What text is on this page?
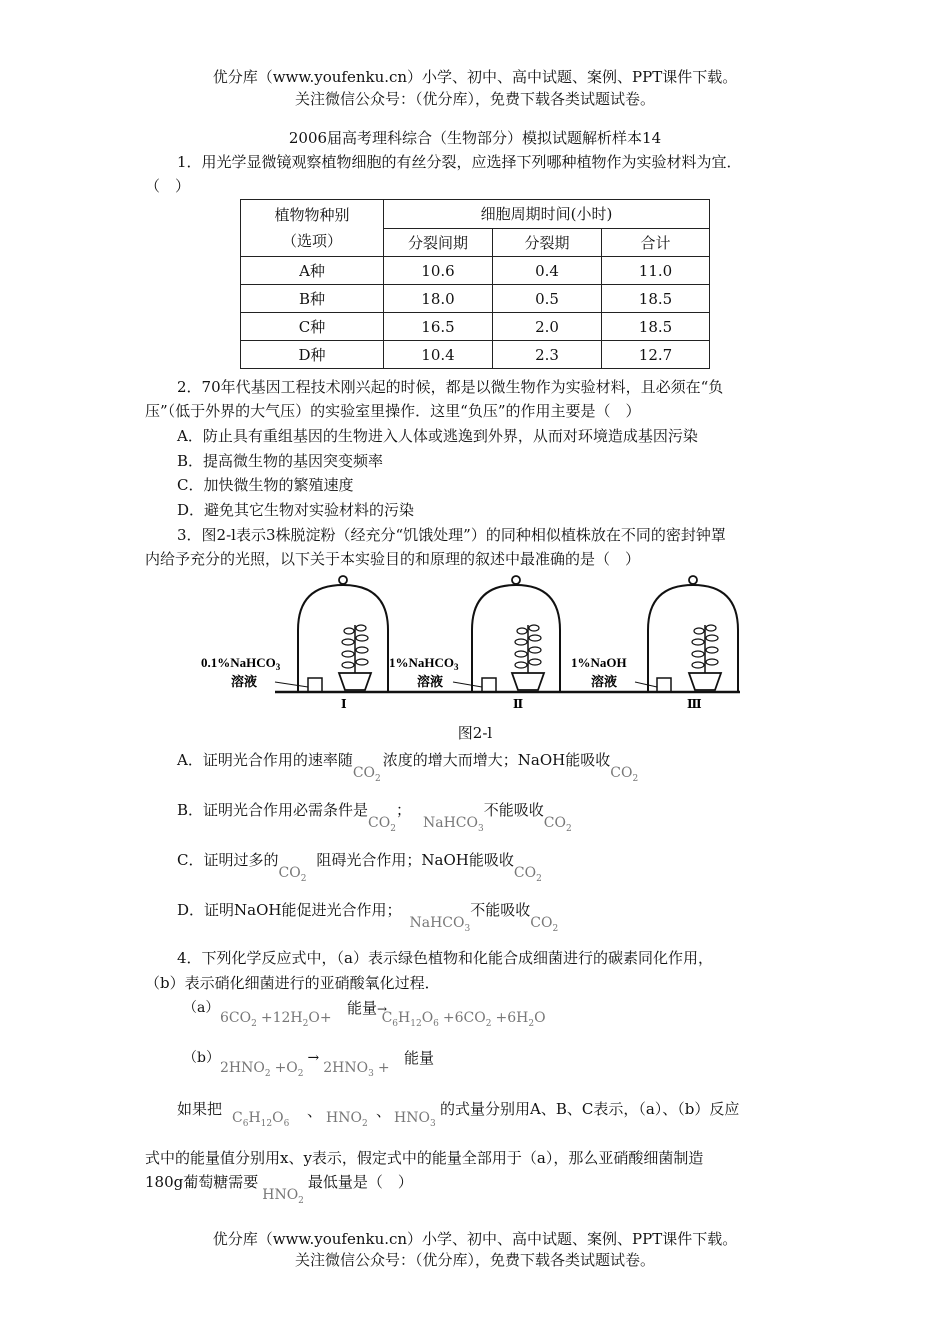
优分库（www.youfenku.cn）小学、初中、高中试题、案例、PPT课件下载。
关注微信公众号：（优分库），免费下载各类试题试卷。
2006届高考理科综合（生物部分）模拟试题解析样本14
1．用光学显微镜观察植物细胞的有丝分裂，应选择下列哪种植物作为实验材料为宜．
（　）
植物物种别
（选项）	细胞周期时间(小时)		
	分裂间期	分裂期	合计
A种	10.6	0.4	11.0
B种	18.0	0.5	18.5
C种	16.5	2.0	18.5
D种	10.4	2.3	12.7
2．70年代基因工程技术刚兴起的时候，都是以微生物作为实验材料，且必须在“负
压”（低于外界的大气压）的实验室里操作．这里“负压”的作用主要是（　）
A．防止具有重组基因的生物进入人体或逃逸到外界，从而对环境造成基因污染
B．提高微生物的基因突变频率
C．加快微生物的繁殖速度
D．避免其它生物对实验材料的污染
3．图2-l表示3株脱淀粉（经充分“饥饿处理”）的同种相似植株放在不同的密封钟罩
内给予充分的光照，以下关于本实验目的和原理的叙述中最准确的是（　）
0.1%NaHCO$_3$
溶液
Ⅰ
1%NaHCO$_3$
溶液
Ⅱ
1%NaOH
溶液
Ⅲ
图2-l
A．证明光合作用的速率随$CO_2$浓度的增大而增大；NaOH能吸收$CO_2$
B．证明光合作用必需条件是$CO_2$；NaHCO$_3$不能吸收$CO_2$
C．证明过多的$CO_2$阻碍光合作用；NaOH能吸收$CO_2$
D．证明NaOH能促进光合作用；NaHCO$_3$不能吸收$CO_2$
4．下列化学反应式中，（a）表示绿色植物和化能合成细菌进行的碳素同化作用，
（b）表示硝化细菌进行的亚硝酸氧化过程．
（a）	能量→
$6CO_2 +12H_2O+$	$C_6H_{12}O_6 +6CO_2 +6H_2O$
（b）
$2HNO_2 +O_2\to 2HNO_3$ +
能量
如果把 $C_6H_{12}O_6$
、 $HNO_2$
、 $HNO_3$
的式量分别用A、B、C表示，（a）、（b）反应
式中的能量值分别用x、y表示，假定式中的能量全部用于（a），那么亚硝酸细菌制造
180g葡萄糖需要$HNO_2$最低量是（　）
优分库（www.youfenku.cn）小学、初中、高中试题、案例、PPT课件下载。
关注微信公众号：（优分库），免费下载各类试题试卷。
